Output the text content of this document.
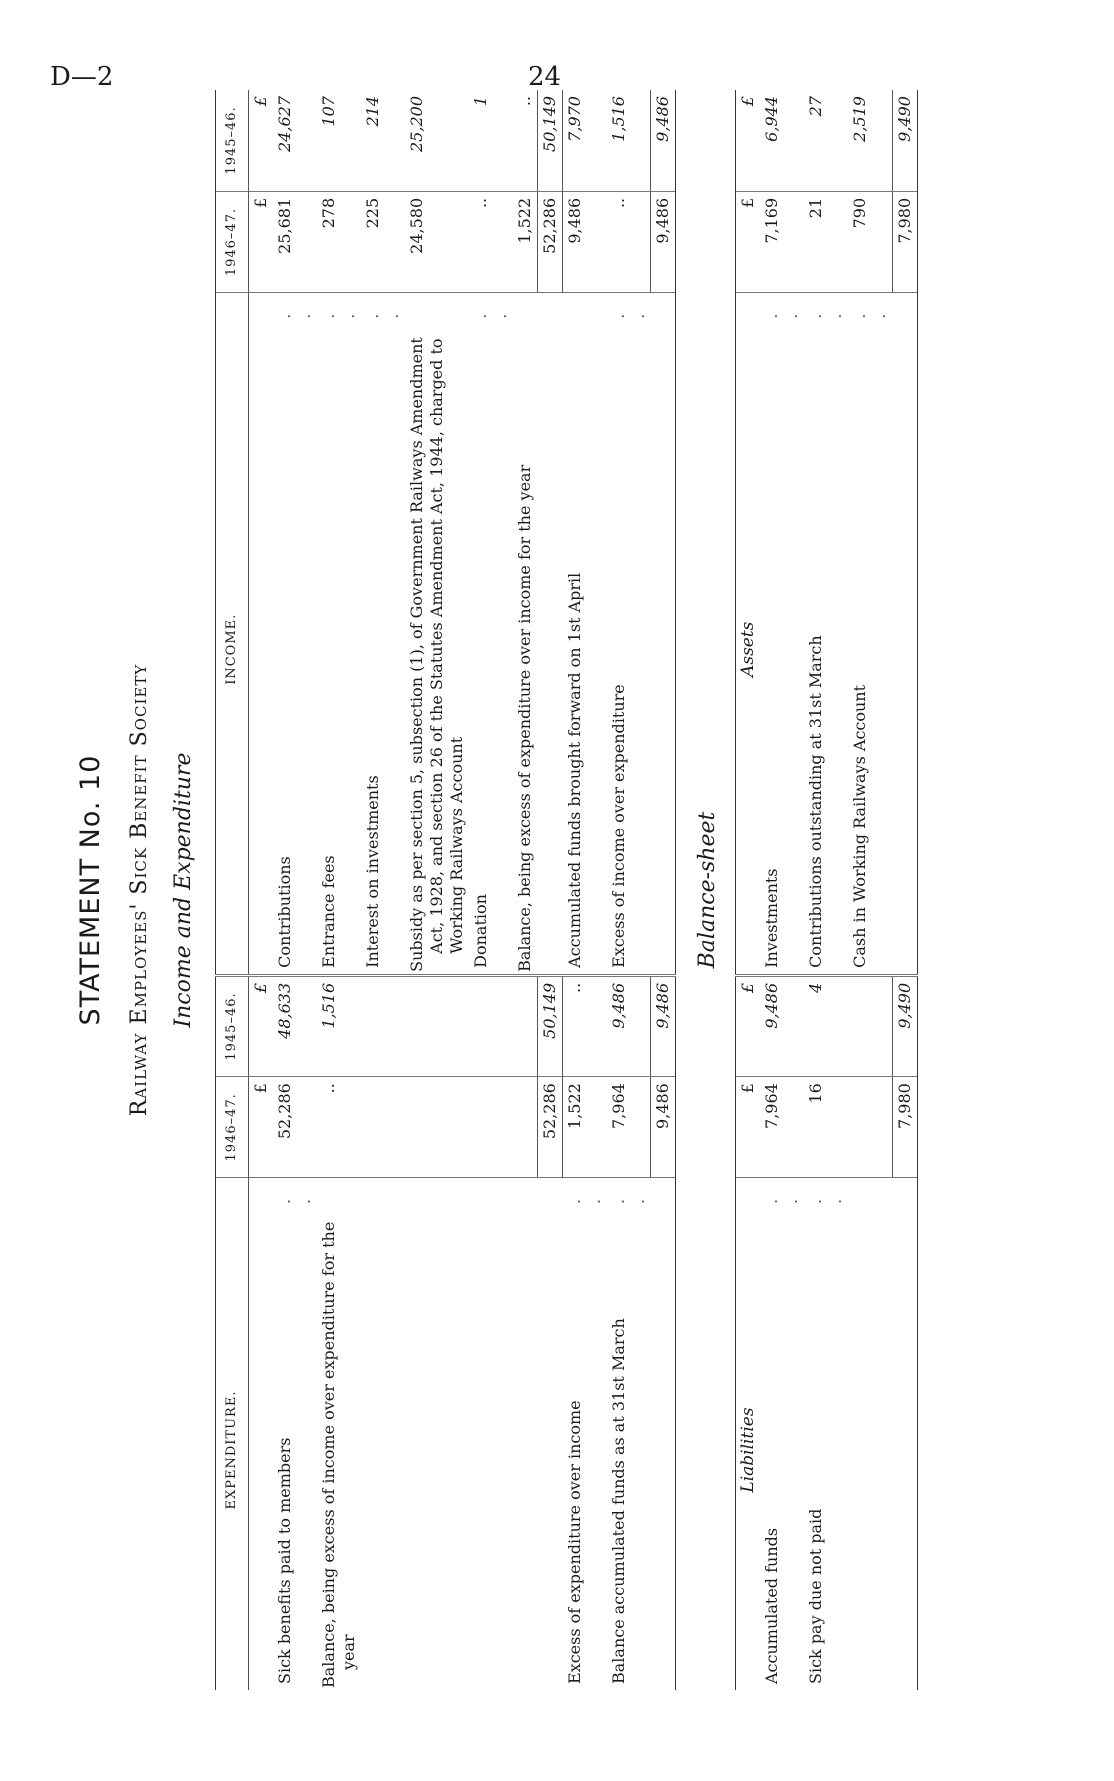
D—2	24
STATEMENT No. 10 Railway Employees' Sick Benefit Society Income and Expenditure
EXPENDITURE.		1946–47.	1945–46.	INCOME.		1946–47.	1945–46.
		£	£			£	£
Sick benefits paid to members	. .	52,286	48,633	Contributions	. .	25,681	24,627
Balance, being excess of income over expenditure for the year		..	1,516	Entrance fees	. .	278	107
				Interest on investments	. .	225	214
				Subsidy as per section 5, subsection (1), of Government Railways Amendment Act, 1928, and section 26 of the Statutes Amendment Act, 1944, charged to Working Railways Account		24,580	25,200
				Donation	. .	..	1
				Balance, being excess of expenditure over income for the year		1,522	..
		52,286	50,149			52,286	50,149
Excess of expenditure over income	. .	1,522	..	Accumulated funds brought forward on 1st April		9,486	7,970
Balance accumulated funds as at 31st March	. .	7,964	9,486	Excess of income over expenditure	. .	..	1,516
		9,486	9,486			9,486	9,486
Balance-sheet
Liabilities		£	£	Assets		£	£
Accumulated funds	. .	7,964	9,486	Investments	. .	7,169	6,944
Sick pay due not paid	. .	16	4	Contributions outstanding at 31st March	. .	21	27
				Cash in Working Railways Account	. .	790	2,519
		7,980	9,490			7,980	9,490
